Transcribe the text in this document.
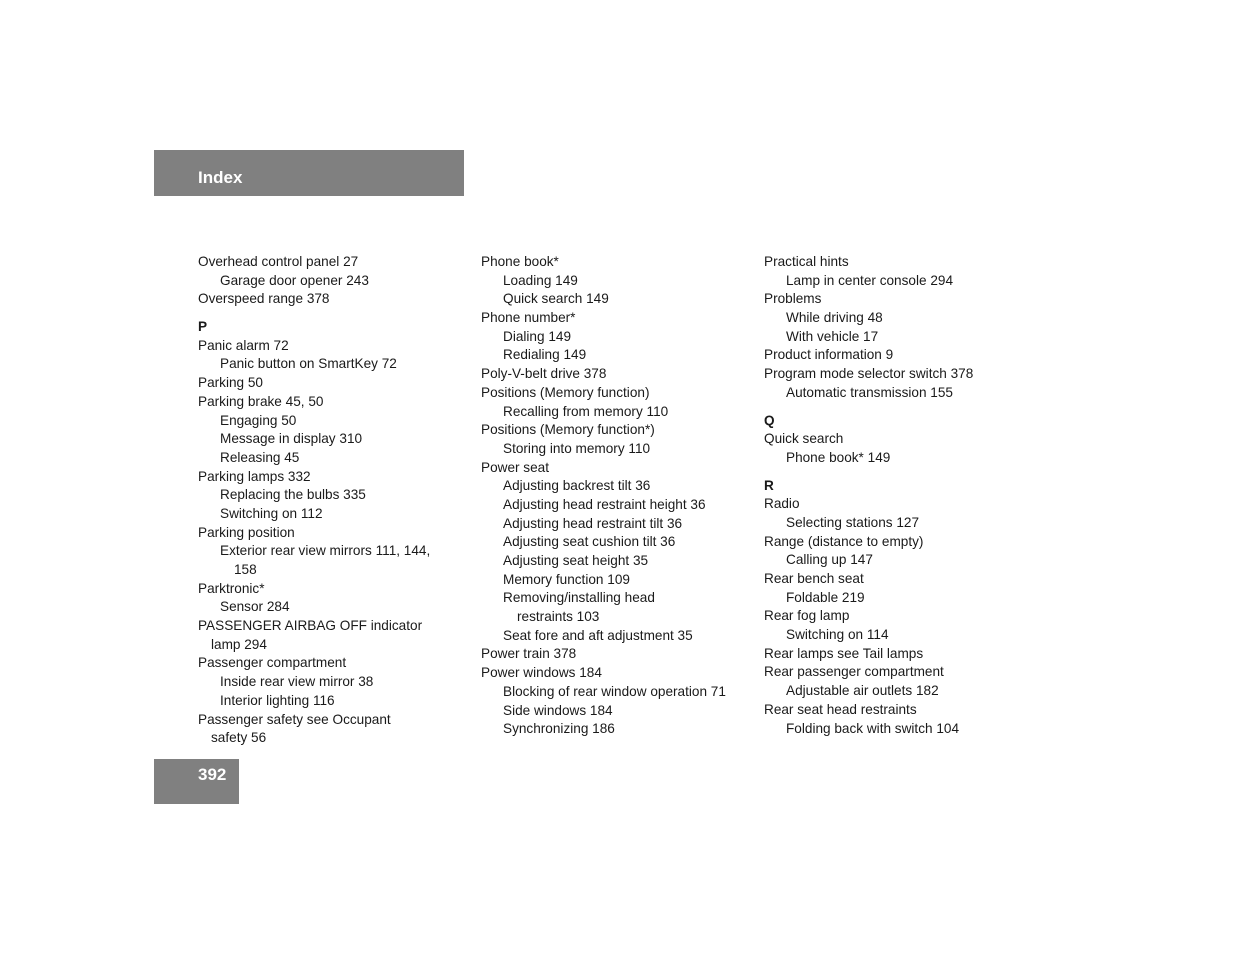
Index
Overhead control panel 27
Garage door opener 243
Overspeed range 378
P
Panic alarm 72
Panic button on SmartKey 72
Parking 50
Parking brake 45, 50
Engaging 50
Message in display 310
Releasing 45
Parking lamps 332
Replacing the bulbs 335
Switching on 112
Parking position
Exterior rear view mirrors 111, 144,
158
Parktronic*
Sensor 284
PASSENGER AIRBAG OFF indicator
lamp 294
Passenger compartment
Inside rear view mirror 38
Interior lighting 116
Passenger safety see Occupant
safety 56
Phone book*
Loading 149
Quick search 149
Phone number*
Dialing 149
Redialing 149
Poly-V-belt drive 378
Positions (Memory function)
Recalling from memory 110
Positions (Memory function*)
Storing into memory 110
Power seat
Adjusting backrest tilt 36
Adjusting head restraint height 36
Adjusting head restraint tilt 36
Adjusting seat cushion tilt 36
Adjusting seat height 35
Memory function 109
Removing/installing head
restraints 103
Seat fore and aft adjustment 35
Power train 378
Power windows 184
Blocking of rear window operation 71
Side windows 184
Synchronizing 186
Practical hints
Lamp in center console 294
Problems
While driving 48
With vehicle 17
Product information 9
Program mode selector switch 378
Automatic transmission 155
Q
Quick search
Phone book* 149
R
Radio
Selecting stations 127
Range (distance to empty)
Calling up 147
Rear bench seat
Foldable 219
Rear fog lamp
Switching on 114
Rear lamps see Tail lamps
Rear passenger compartment
Adjustable air outlets 182
Rear seat head restraints
Folding back with switch 104
392
